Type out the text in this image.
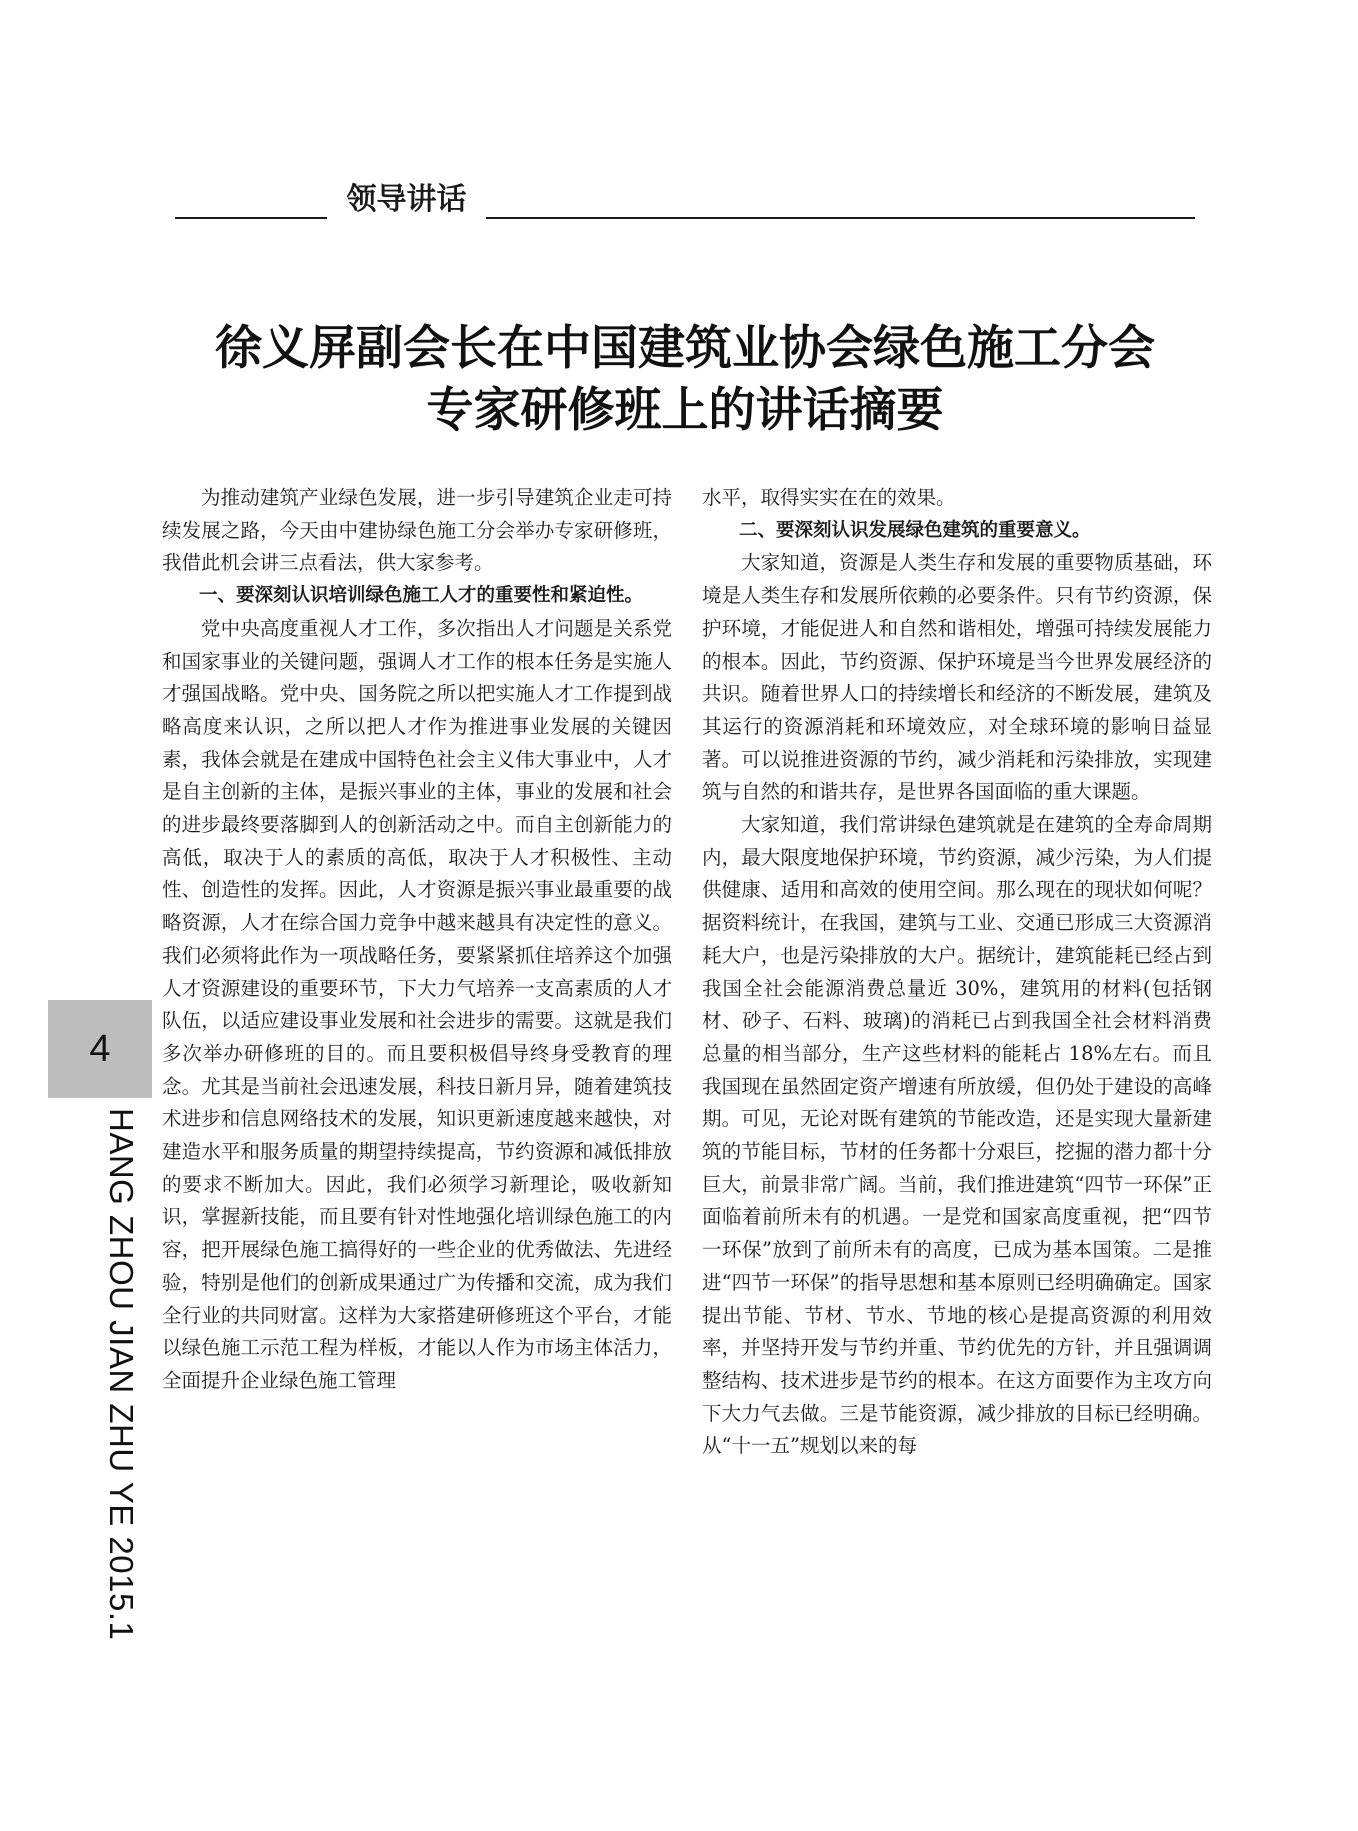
领导讲话
徐义屏副会长在中国建筑业协会绿色施工分会
专家研修班上的讲话摘要

为推动建筑产业绿色发展，进一步引导建筑企业走可持续发展之路，今天由中建协绿色施工分会举办专家研修班，我借此机会讲三点看法，供大家参考。

一、要深刻认识培训绿色施工人才的重要性和紧迫性。

党中央高度重视人才工作，多次指出人才问题是关系党和国家事业的关键问题，强调人才工作的根本任务是实施人才强国战略。党中央、国务院之所以把实施人才工作提到战略高度来认识，之所以把人才作为推进事业发展的关键因素，我体会就是在建成中国特色社会主义伟大事业中，人才是自主创新的主体，是振兴事业的主体，事业的发展和社会的进步最终要落脚到人的创新活动之中。而自主创新能力的高低，取决于人的素质的高低，取决于人才积极性、主动性、创造性的发挥。因此，人才资源是振兴事业最重要的战略资源，人才在综合国力竞争中越来越具有决定性的意义。我们必须将此作为一项战略任务，要紧紧抓住培养这个加强人才资源建设的重要环节，下大力气培养一支高素质的人才队伍，以适应建设事业发展和社会进步的需要。这就是我们多次举办研修班的目的。而且要积极倡导终身受教育的理念。尤其是当前社会迅速发展，科技日新月异，随着建筑技术进步和信息网络技术的发展，知识更新速度越来越快，对建造水平和服务质量的期望持续提高，节约资源和减低排放的要求不断加大。因此，我们必须学习新理论，吸收新知识，掌握新技能，而且要有针对性地强化培训绿色施工的内容，把开展绿色施工搞得好的一些企业的优秀做法、先进经验，特别是他们的创新成果通过广为传播和交流，成为我们全行业的共同财富。这样为大家搭建研修班这个平台，才能以绿色施工示范工程为样板，才能以人作为市场主体活力，全面提升企业绿色施工管理

水平，取得实实在在的效果。

二、要深刻认识发展绿色建筑的重要意义。

大家知道，资源是人类生存和发展的重要物质基础，环境是人类生存和发展所依赖的必要条件。只有节约资源，保护环境，才能促进人和自然和谐相处，增强可持续发展能力的根本。因此，节约资源、保护环境是当今世界发展经济的共识。随着世界人口的持续增长和经济的不断发展，建筑及其运行的资源消耗和环境效应，对全球环境的影响日益显著。可以说推进资源的节约，减少消耗和污染排放，实现建筑与自然的和谐共存，是世界各国面临的重大课题。

大家知道，我们常讲绿色建筑就是在建筑的全寿命周期内，最大限度地保护环境，节约资源，减少污染，为人们提供健康、适用和高效的使用空间。那么现在的现状如何呢？据资料统计，在我国，建筑与工业、交通已形成三大资源消耗大户，也是污染排放的大户。据统计，建筑能耗已经占到我国全社会能源消费总量近 30%，建筑用的材料(包括钢材、砂子、石料、玻璃)的消耗已占到我国全社会材料消费总量的相当部分，生产这些材料的能耗占 18%左右。而且我国现在虽然固定资产增速有所放缓，但仍处于建设的高峰期。可见，无论对既有建筑的节能改造，还是实现大量新建筑的节能目标，节材的任务都十分艰巨，挖掘的潜力都十分巨大，前景非常广阔。当前，我们推进建筑“四节一环保”正面临着前所未有的机遇。一是党和国家高度重视，把“四节一环保”放到了前所未有的高度，已成为基本国策。二是推进“四节一环保”的指导思想和基本原则已经明确确定。国家提出节能、节材、节水、节地的核心是提高资源的利用效率，并坚持开发与节约并重、节约优先的方针，并且强调调整结构、技术进步是节约的根本。在这方面要作为主攻方向下大力气去做。三是节能资源，减少排放的目标已经明确。从“十一五”规划以来的每

4
HANG ZHOU JIAN ZHU YE 2015.1
